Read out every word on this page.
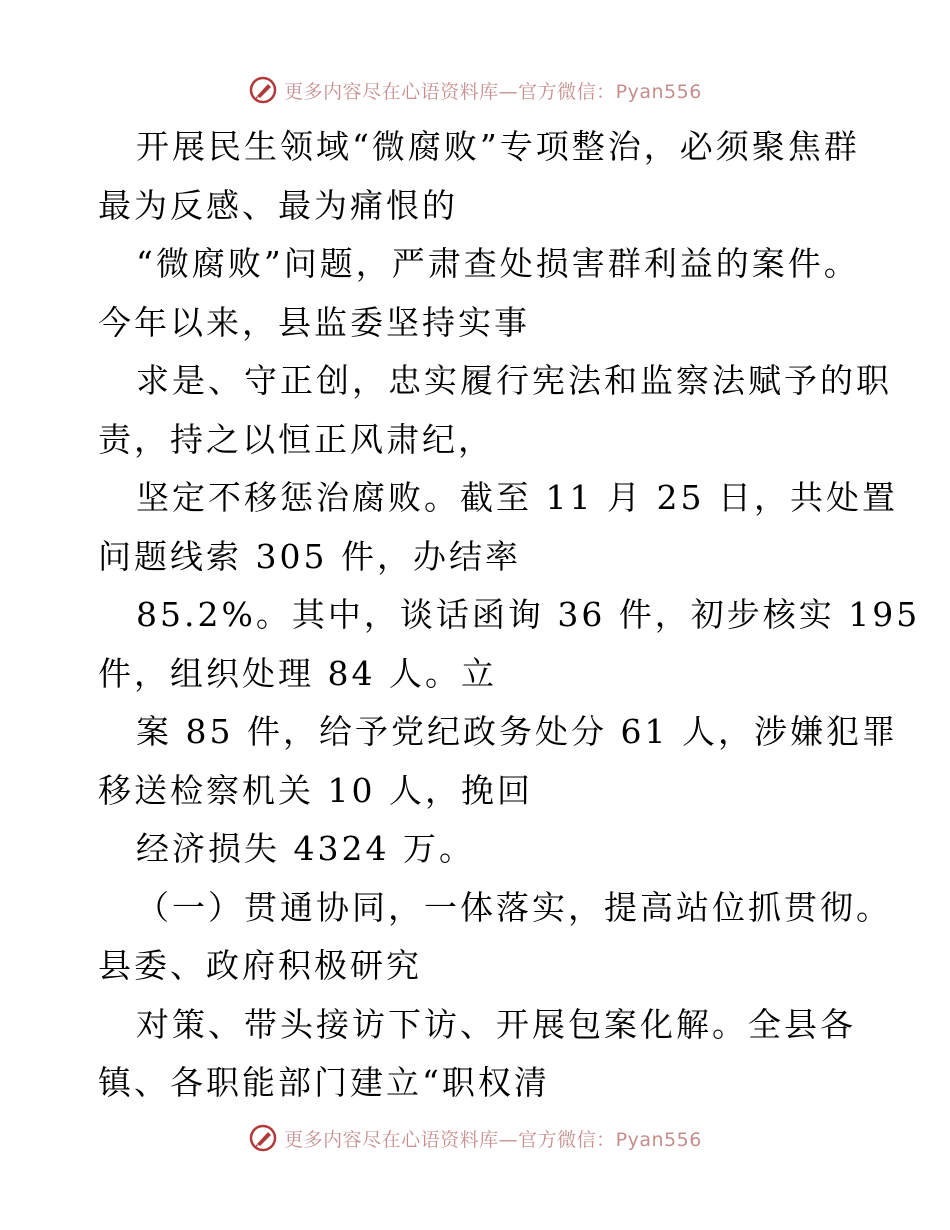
更多内容尽在心语资料库—官方微信：Pyan556
开展民生领域“微腐败”专项整治，必须聚焦群
最为反感、最为痛恨的
“微腐败”问题，严肃查处损害群利益的案件。
今年以来，县监委坚持实事
求是、守正创，忠实履行宪法和监察法赋予的职
责，持之以恒正风肃纪，
坚定不移惩治腐败。截至 11 月 25 日，共处置
问题线索 305 件，办结率
85.2%。其中，谈话函询 36 件，初步核实 195
件，组织处理 84 人。立
案 85 件，给予党纪政务处分 61 人，涉嫌犯罪
移送检察机关 10 人，挽回
经济损失 4324 万。
（一）贯通协同，一体落实，提高站位抓贯彻。
县委、政府积极研究
对策、带头接访下访、开展包案化解。全县各
镇、各职能部门建立“职权清
更多内容尽在心语资料库—官方微信：Pyan556
